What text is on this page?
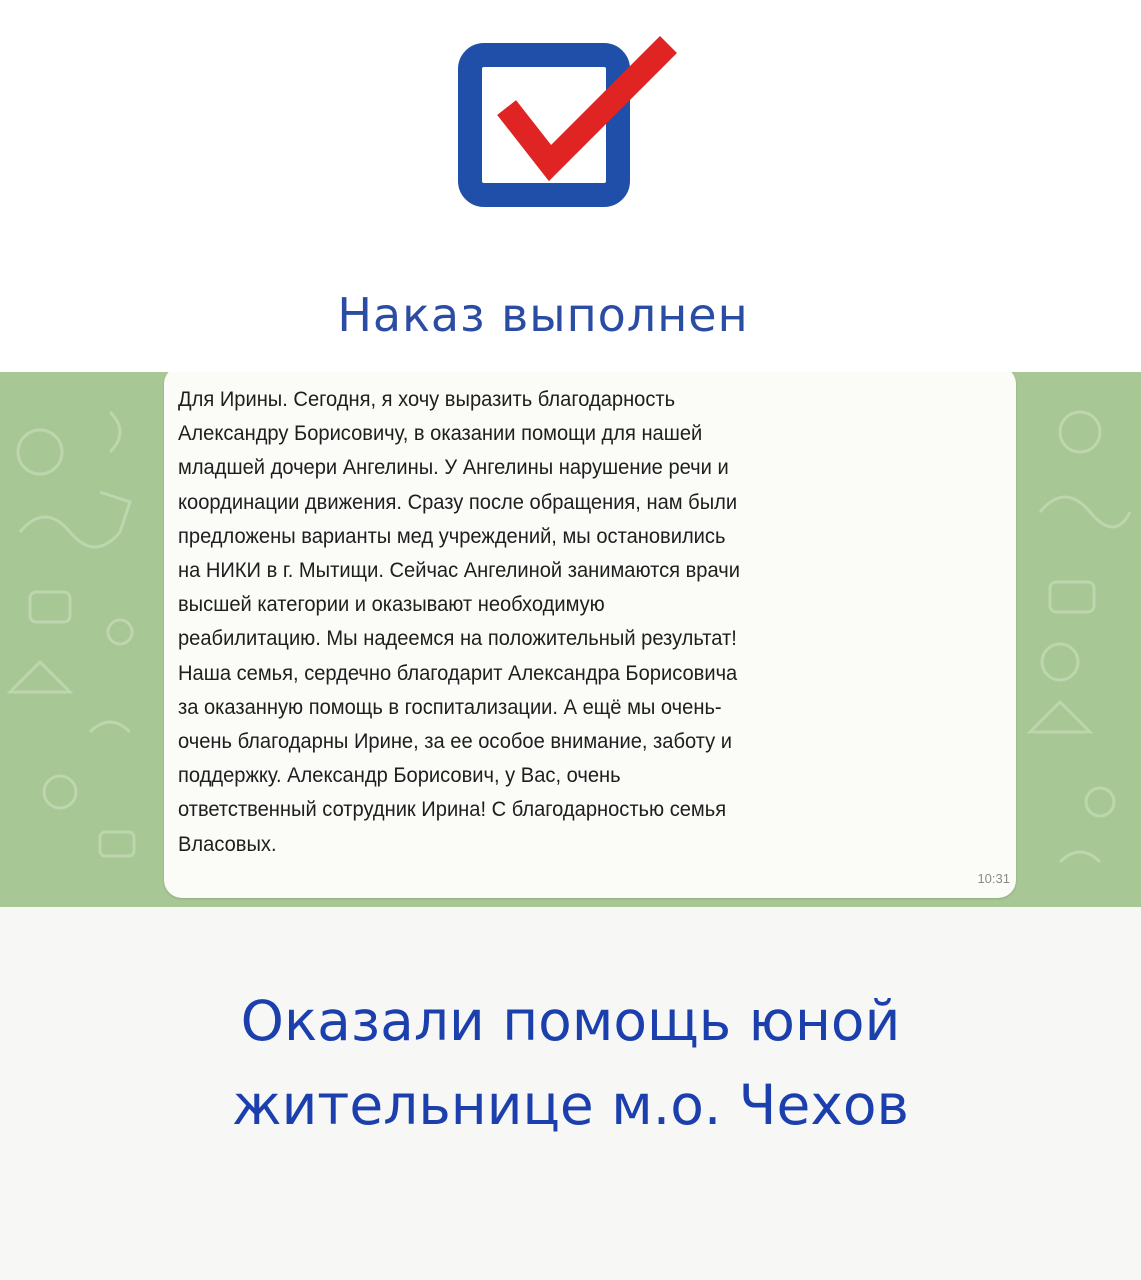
Наказ выполнен
Для Ирины. Сегодня, я хочу выразить благодарность
Александру Борисовичу, в оказании помощи для нашей
младшей дочери Ангелины. У Ангелины нарушение речи и
координации движения. Сразу после обращения, нам были
предложены варианты мед учреждений, мы остановились
на НИКИ в г. Мытищи. Сейчас Ангелиной занимаются врачи
высшей категории и оказывают необходимую
реабилитацию. Мы надеемся на положительный результат!
Наша семья, сердечно благодарит Александра Борисовича
за оказанную помощь в госпитализации. А ещё мы очень-
очень благодарны Ирине, за ее особое внимание, заботу и
поддержку. Александр Борисович, у Вас, очень
ответственный сотрудник Ирина! С благодарностью семья
Власовых.
10:31
Оказали помощь юной
жительнице м.о. Чехов
